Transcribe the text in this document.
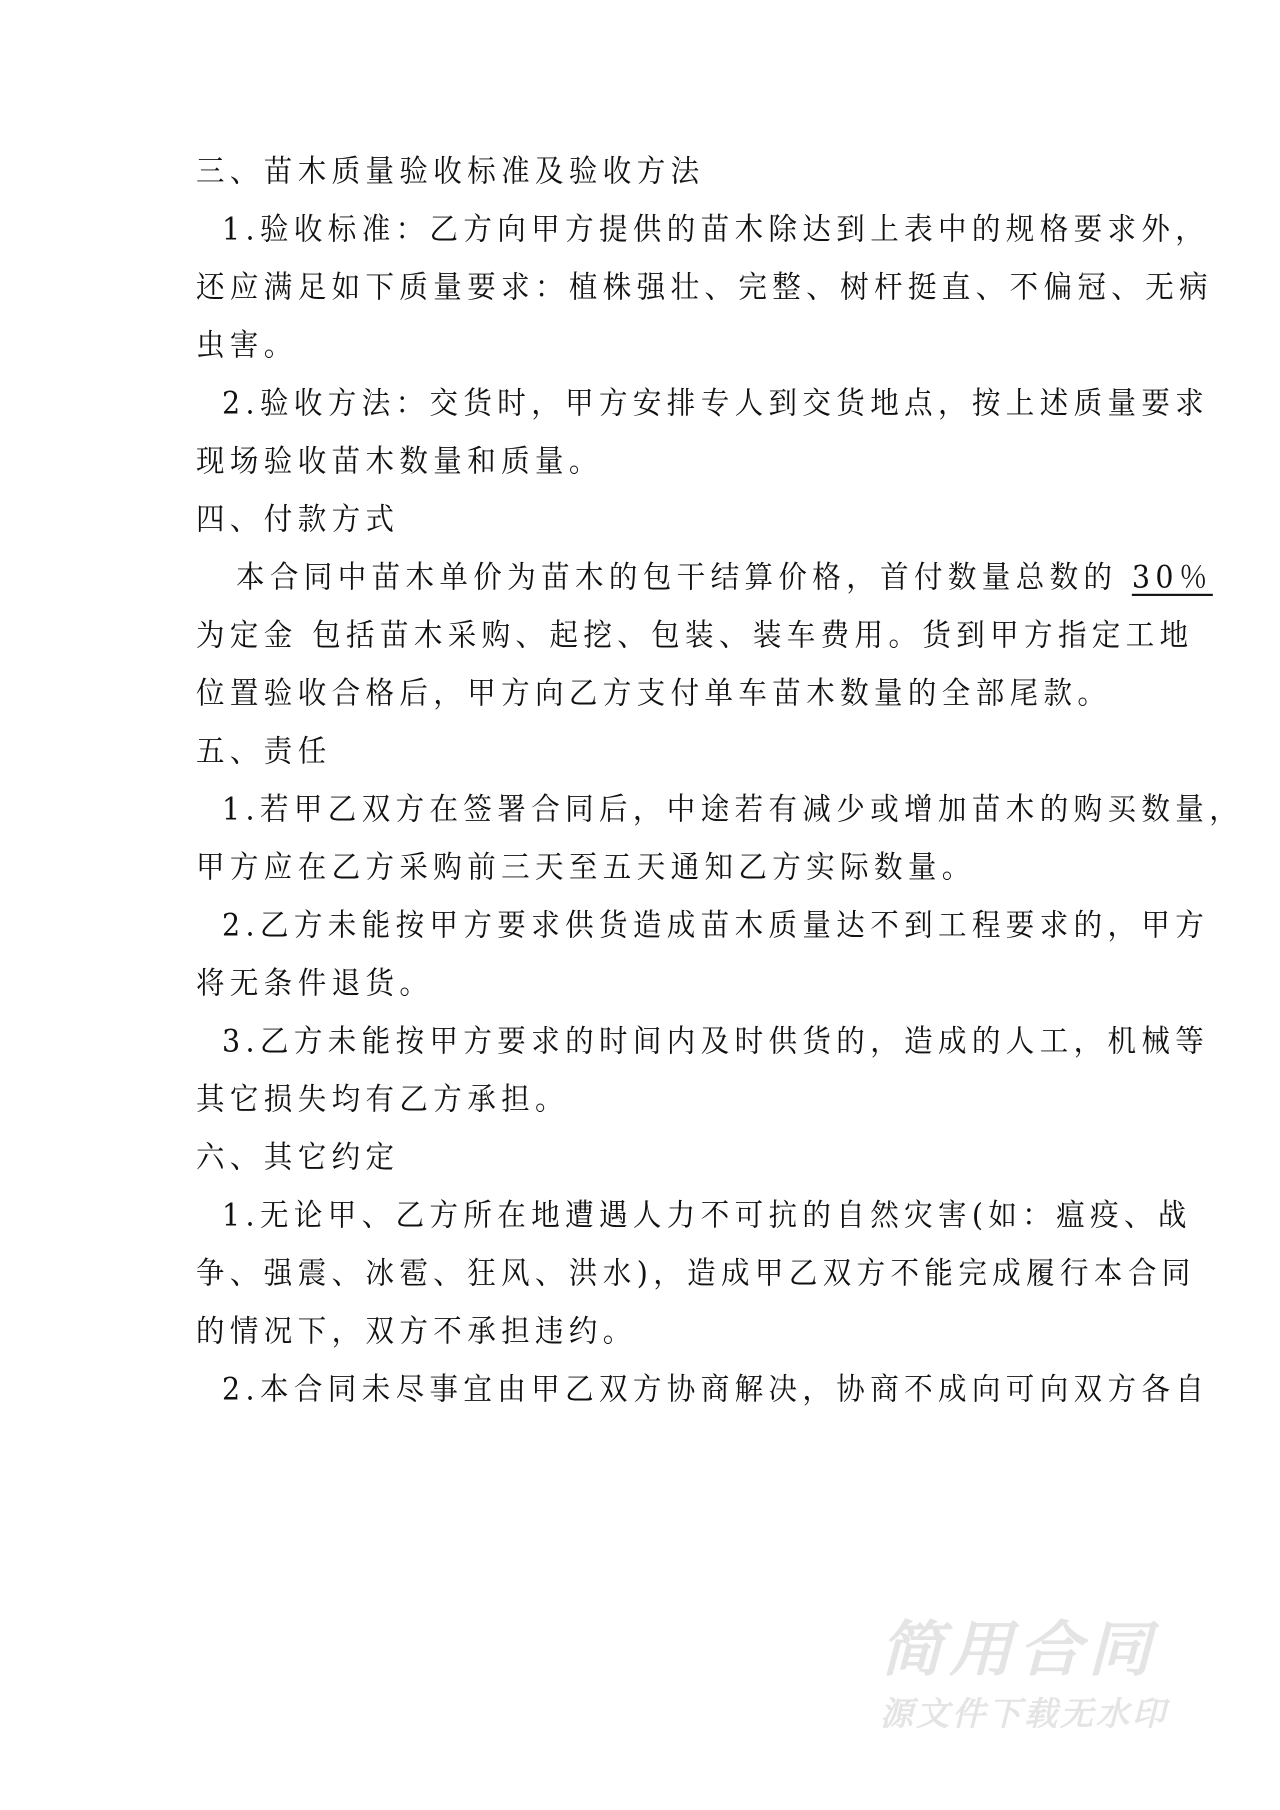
三、苗木质量验收标准及验收方法
1.验收标准：乙方向甲方提供的苗木除达到上表中的规格要求外，
还应满足如下质量要求：植株强壮、完整、树杆挺直、不偏冠、无病
虫害。
2.验收方法：交货时，甲方安排专人到交货地点，按上述质量要求
现场验收苗木数量和质量。
四、付款方式
本合同中苗木单价为苗木的包干结算价格，首付数量总数的 30％
为定金 包括苗木采购、起挖、包装、装车费用。货到甲方指定工地
位置验收合格后，甲方向乙方支付单车苗木数量的全部尾款。
五、责任
1.若甲乙双方在签署合同后，中途若有减少或增加苗木的购买数量，
甲方应在乙方采购前三天至五天通知乙方实际数量。
2.乙方未能按甲方要求供货造成苗木质量达不到工程要求的，甲方
将无条件退货。
3.乙方未能按甲方要求的时间内及时供货的，造成的人工，机械等
其它损失均有乙方承担。
六、其它约定
1.无论甲、乙方所在地遭遇人力不可抗的自然灾害(如：瘟疫、战
争、强震、冰雹、狂风、洪水)，造成甲乙双方不能完成履行本合同
的情况下，双方不承担违约。
2.本合同未尽事宜由甲乙双方协商解决，协商不成向可向双方各自
简用合同
源文件下载无水印
